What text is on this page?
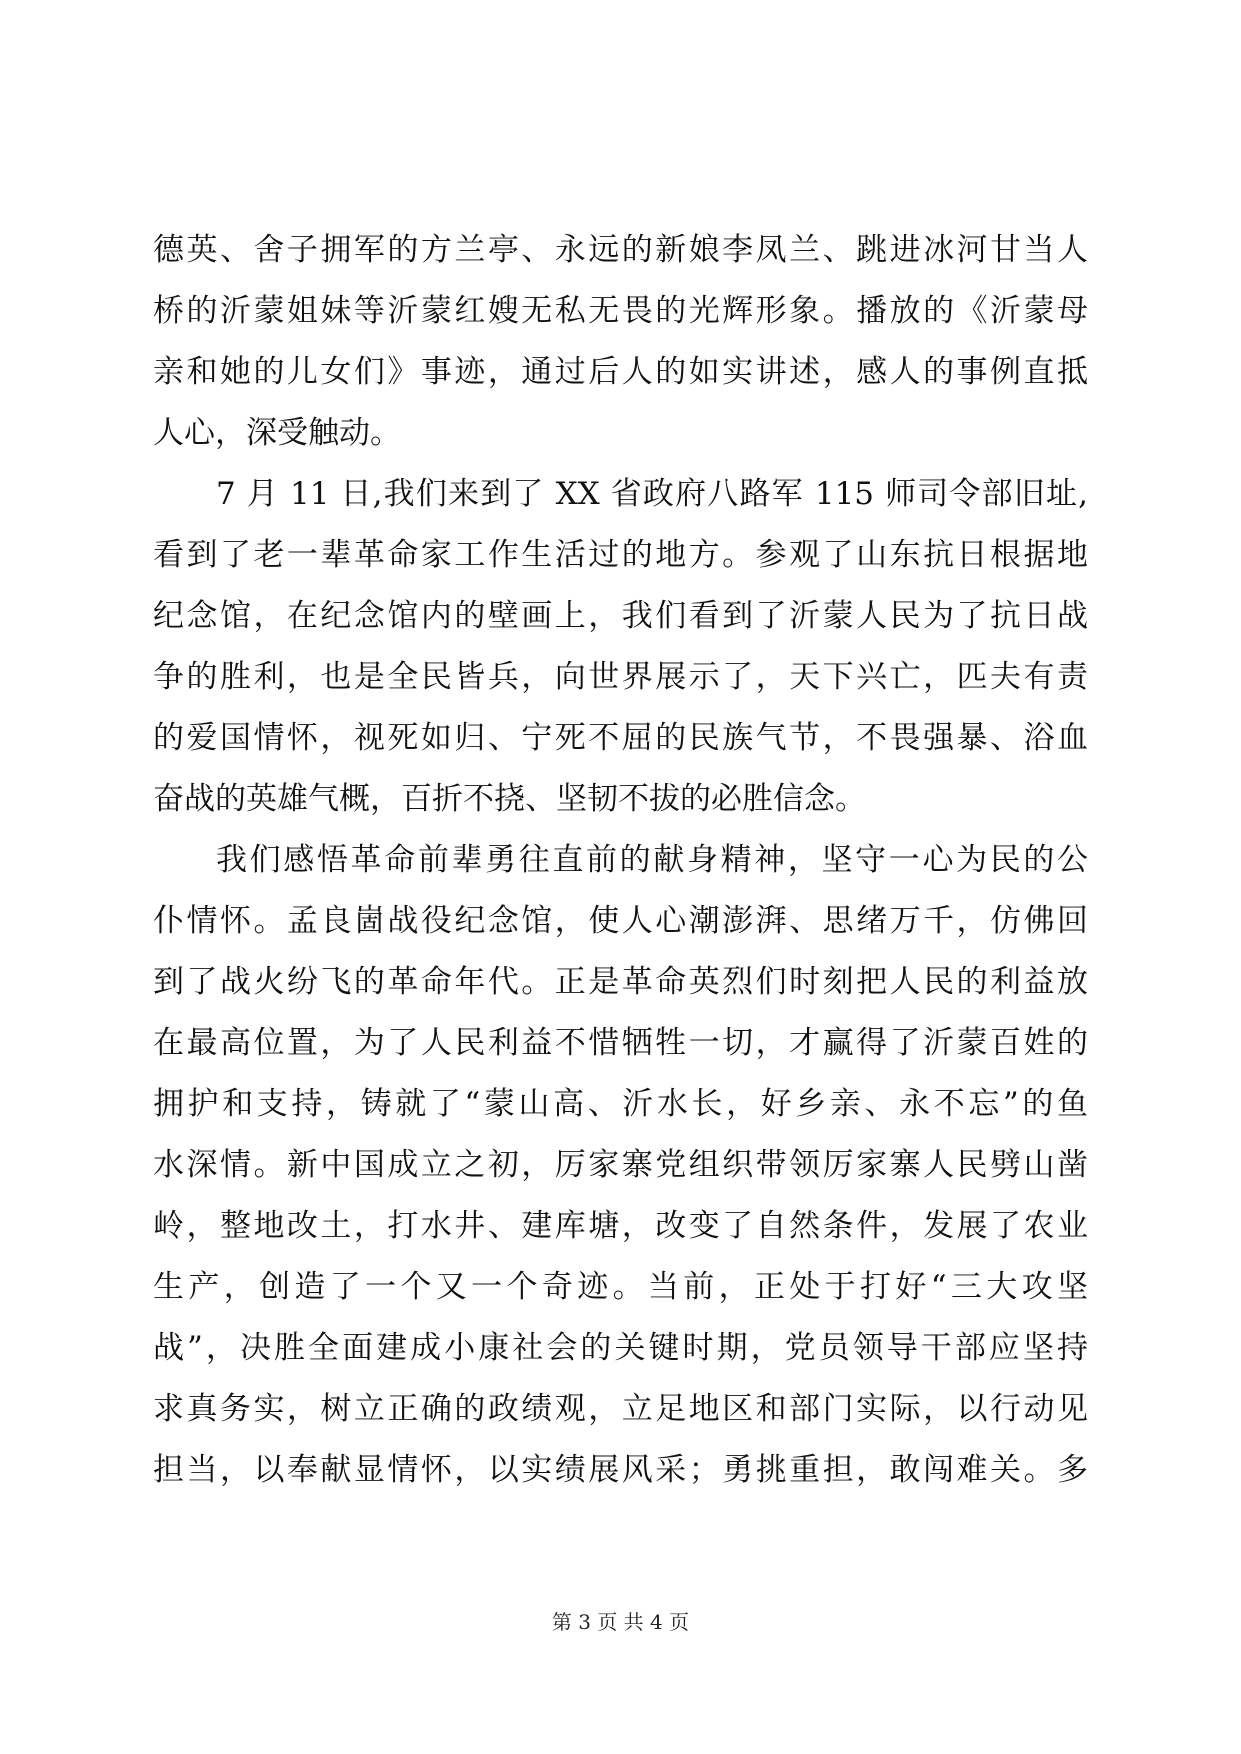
德英、舍子拥军的方兰亭、永远的新娘李凤兰、跳进冰河甘当人
桥的沂蒙姐妹等沂蒙红嫂无私无畏的光辉形象。播放的《沂蒙母
亲和她的儿女们》事迹，通过后人的如实讲述，感人的事例直抵
人心，深受触动。
7 月 11 日,我们来到了 XX 省政府八路军 115 师司令部旧址,
看到了老一辈革命家工作生活过的地方。参观了山东抗日根据地
纪念馆，在纪念馆内的壁画上，我们看到了沂蒙人民为了抗日战
争的胜利，也是全民皆兵，向世界展示了，天下兴亡，匹夫有责
的爱国情怀，视死如归、宁死不屈的民族气节，不畏强暴、浴血
奋战的英雄气概，百折不挠、坚韧不拔的必胜信念。
我们感悟革命前辈勇往直前的献身精神，坚守一心为民的公
仆情怀。孟良崮战役纪念馆，使人心潮澎湃、思绪万千，仿佛回
到了战火纷飞的革命年代。正是革命英烈们时刻把人民的利益放
在最高位置，为了人民利益不惜牺牲一切，才赢得了沂蒙百姓的
拥护和支持，铸就了“蒙山高、沂水长，好乡亲、永不忘”的鱼
水深情。新中国成立之初，厉家寨党组织带领厉家寨人民劈山凿
岭，整地改土，打水井、建库塘，改变了自然条件，发展了农业
生产，创造了一个又一个奇迹。当前，正处于打好“三大攻坚
战”，决胜全面建成小康社会的关键时期，党员领导干部应坚持
求真务实，树立正确的政绩观，立足地区和部门实际，以行动见
担当，以奉献显情怀，以实绩展风采；勇挑重担，敢闯难关。多
第 3 页 共 4 页
